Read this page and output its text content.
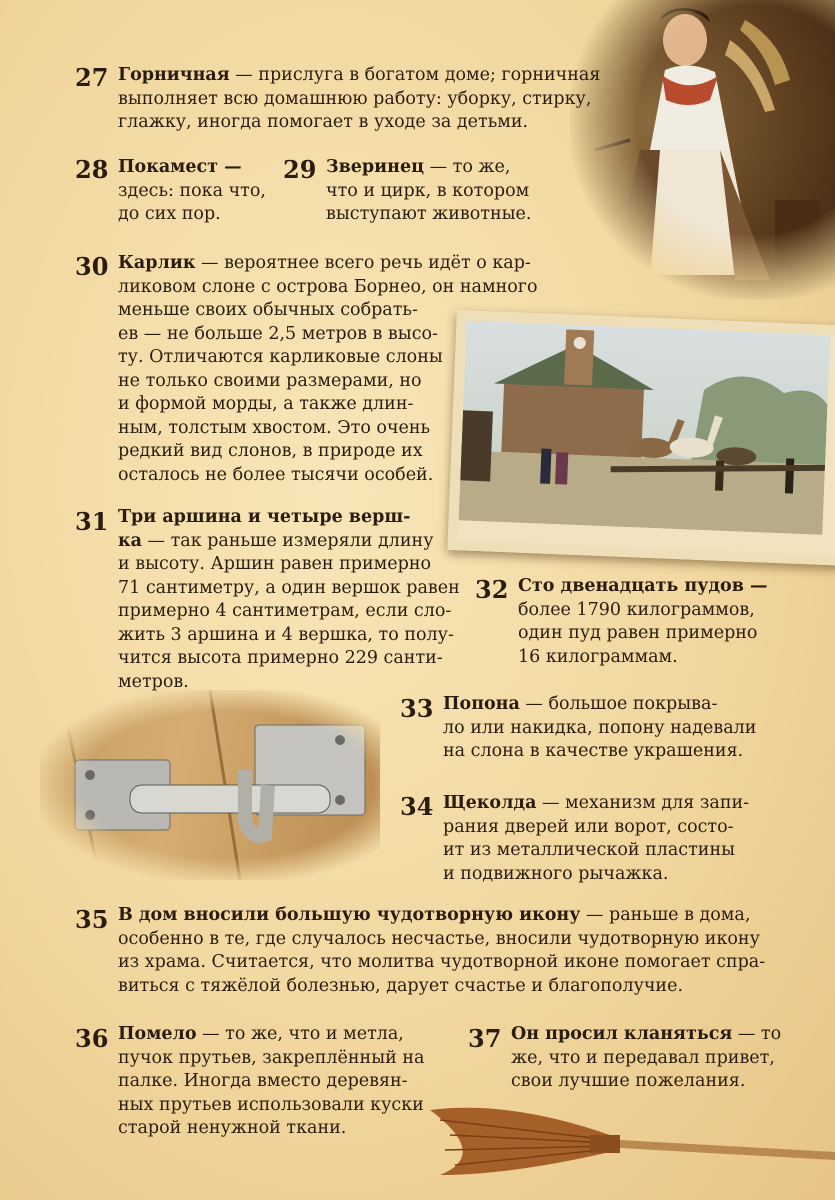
27 Горничная — прислуга в богатом доме; горничная
выполняет всю домашнюю работу: уборку, стирку,
глажку, иногда помогает в уходе за детьми.
28 Покамест —
здесь: пока что,
до сих пор.
29 Зверинец — то же,
что и цирк, в котором
выступают животные.
30 Карлик — вероятнее всего речь идёт о кар-
ликовом слоне с острова Борнео, он намного
меньше своих обычных собрать-
ев — не больше 2,5 метров в высо-
ту. Отличаются карликовые слоны
не только своими размерами, но
и формой морды, а также длин-
ным, толстым хвостом. Это очень
редкий вид слонов, в природе их
осталось не более тысячи особей.
31 Три аршина и четыре верш-
ка — так раньше измеряли длину
и высоту. Аршин равен примерно
71 сантиметру, а один вершок равен
примерно 4 сантиметрам, если сло-
жить 3 аршина и 4 вершка, то полу-
чится высота примерно 229 санти-
метров.
32 Сто двенадцать пудов —
более 1790 килограммов,
один пуд равен примерно
16 килограммам.
33 Попона — большое покрыва-
ло или накидка, попону надевали
на слона в качестве украшения.
34 Щеколда — механизм для запи-
рания дверей или ворот, состо-
ит из металлической пластины
и подвижного рычажка.
35 В дом вносили большую чудотворную икону — раньше в дома,
особенно в те, где случалось несчастье, вносили чудотворную икону
из храма. Считается, что молитва чудотворной иконе помогает спра-
виться с тяжёлой болезнью, дарует счастье и благополучие.
36 Помело — то же, что и метла,
пучок прутьев, закреплённый на
палке. Иногда вместо деревян-
ных прутьев использовали куски
старой ненужной ткани.
37 Он просил кланяться — то
же, что и передавал привет,
свои лучшие пожелания.
